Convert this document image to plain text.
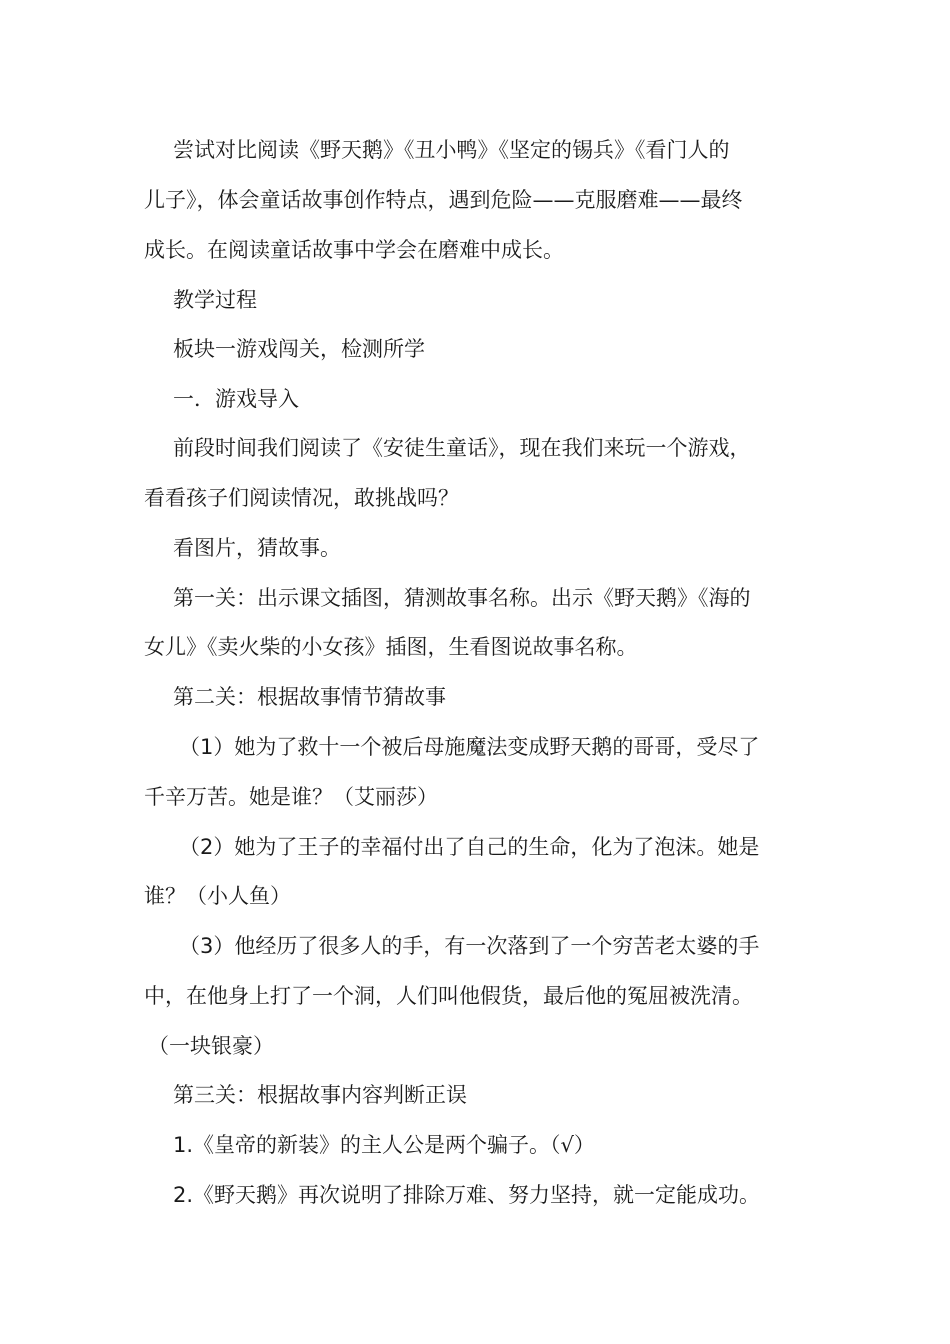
尝试对比阅读《野天鹅》《丑小鸭》《坚定的锡兵》《看门人的
儿子》，体会童话故事创作特点，遇到危险——克服磨难——最终
成长。在阅读童话故事中学会在磨难中成长。
教学过程
板块一游戏闯关，检测所学
一．游戏导入
前段时间我们阅读了《安徒生童话》，现在我们来玩一个游戏，
看看孩子们阅读情况，敢挑战吗？
看图片，猜故事。
第一关：出示课文插图，猜测故事名称。出示《野天鹅》《海的
女儿》《卖火柴的小女孩》插图，生看图说故事名称。
第二关：根据故事情节猜故事
（1）她为了救十一个被后母施魔法变成野天鹅的哥哥，受尽了
千辛万苦。她是谁？（艾丽莎）
（2）她为了王子的幸福付出了自己的生命，化为了泡沫。她是
谁？（小人鱼）
（3）他经历了很多人的手，有一次落到了一个穷苦老太婆的手
中，在他身上打了一个洞，人们叫他假货，最后他的冤屈被洗清。
（一块银豪）
第三关：根据故事内容判断正误
1.《皇帝的新装》的主人公是两个骗子。（√）
2.《野天鹅》再次说明了排除万难、努力坚持，就一定能成功。
